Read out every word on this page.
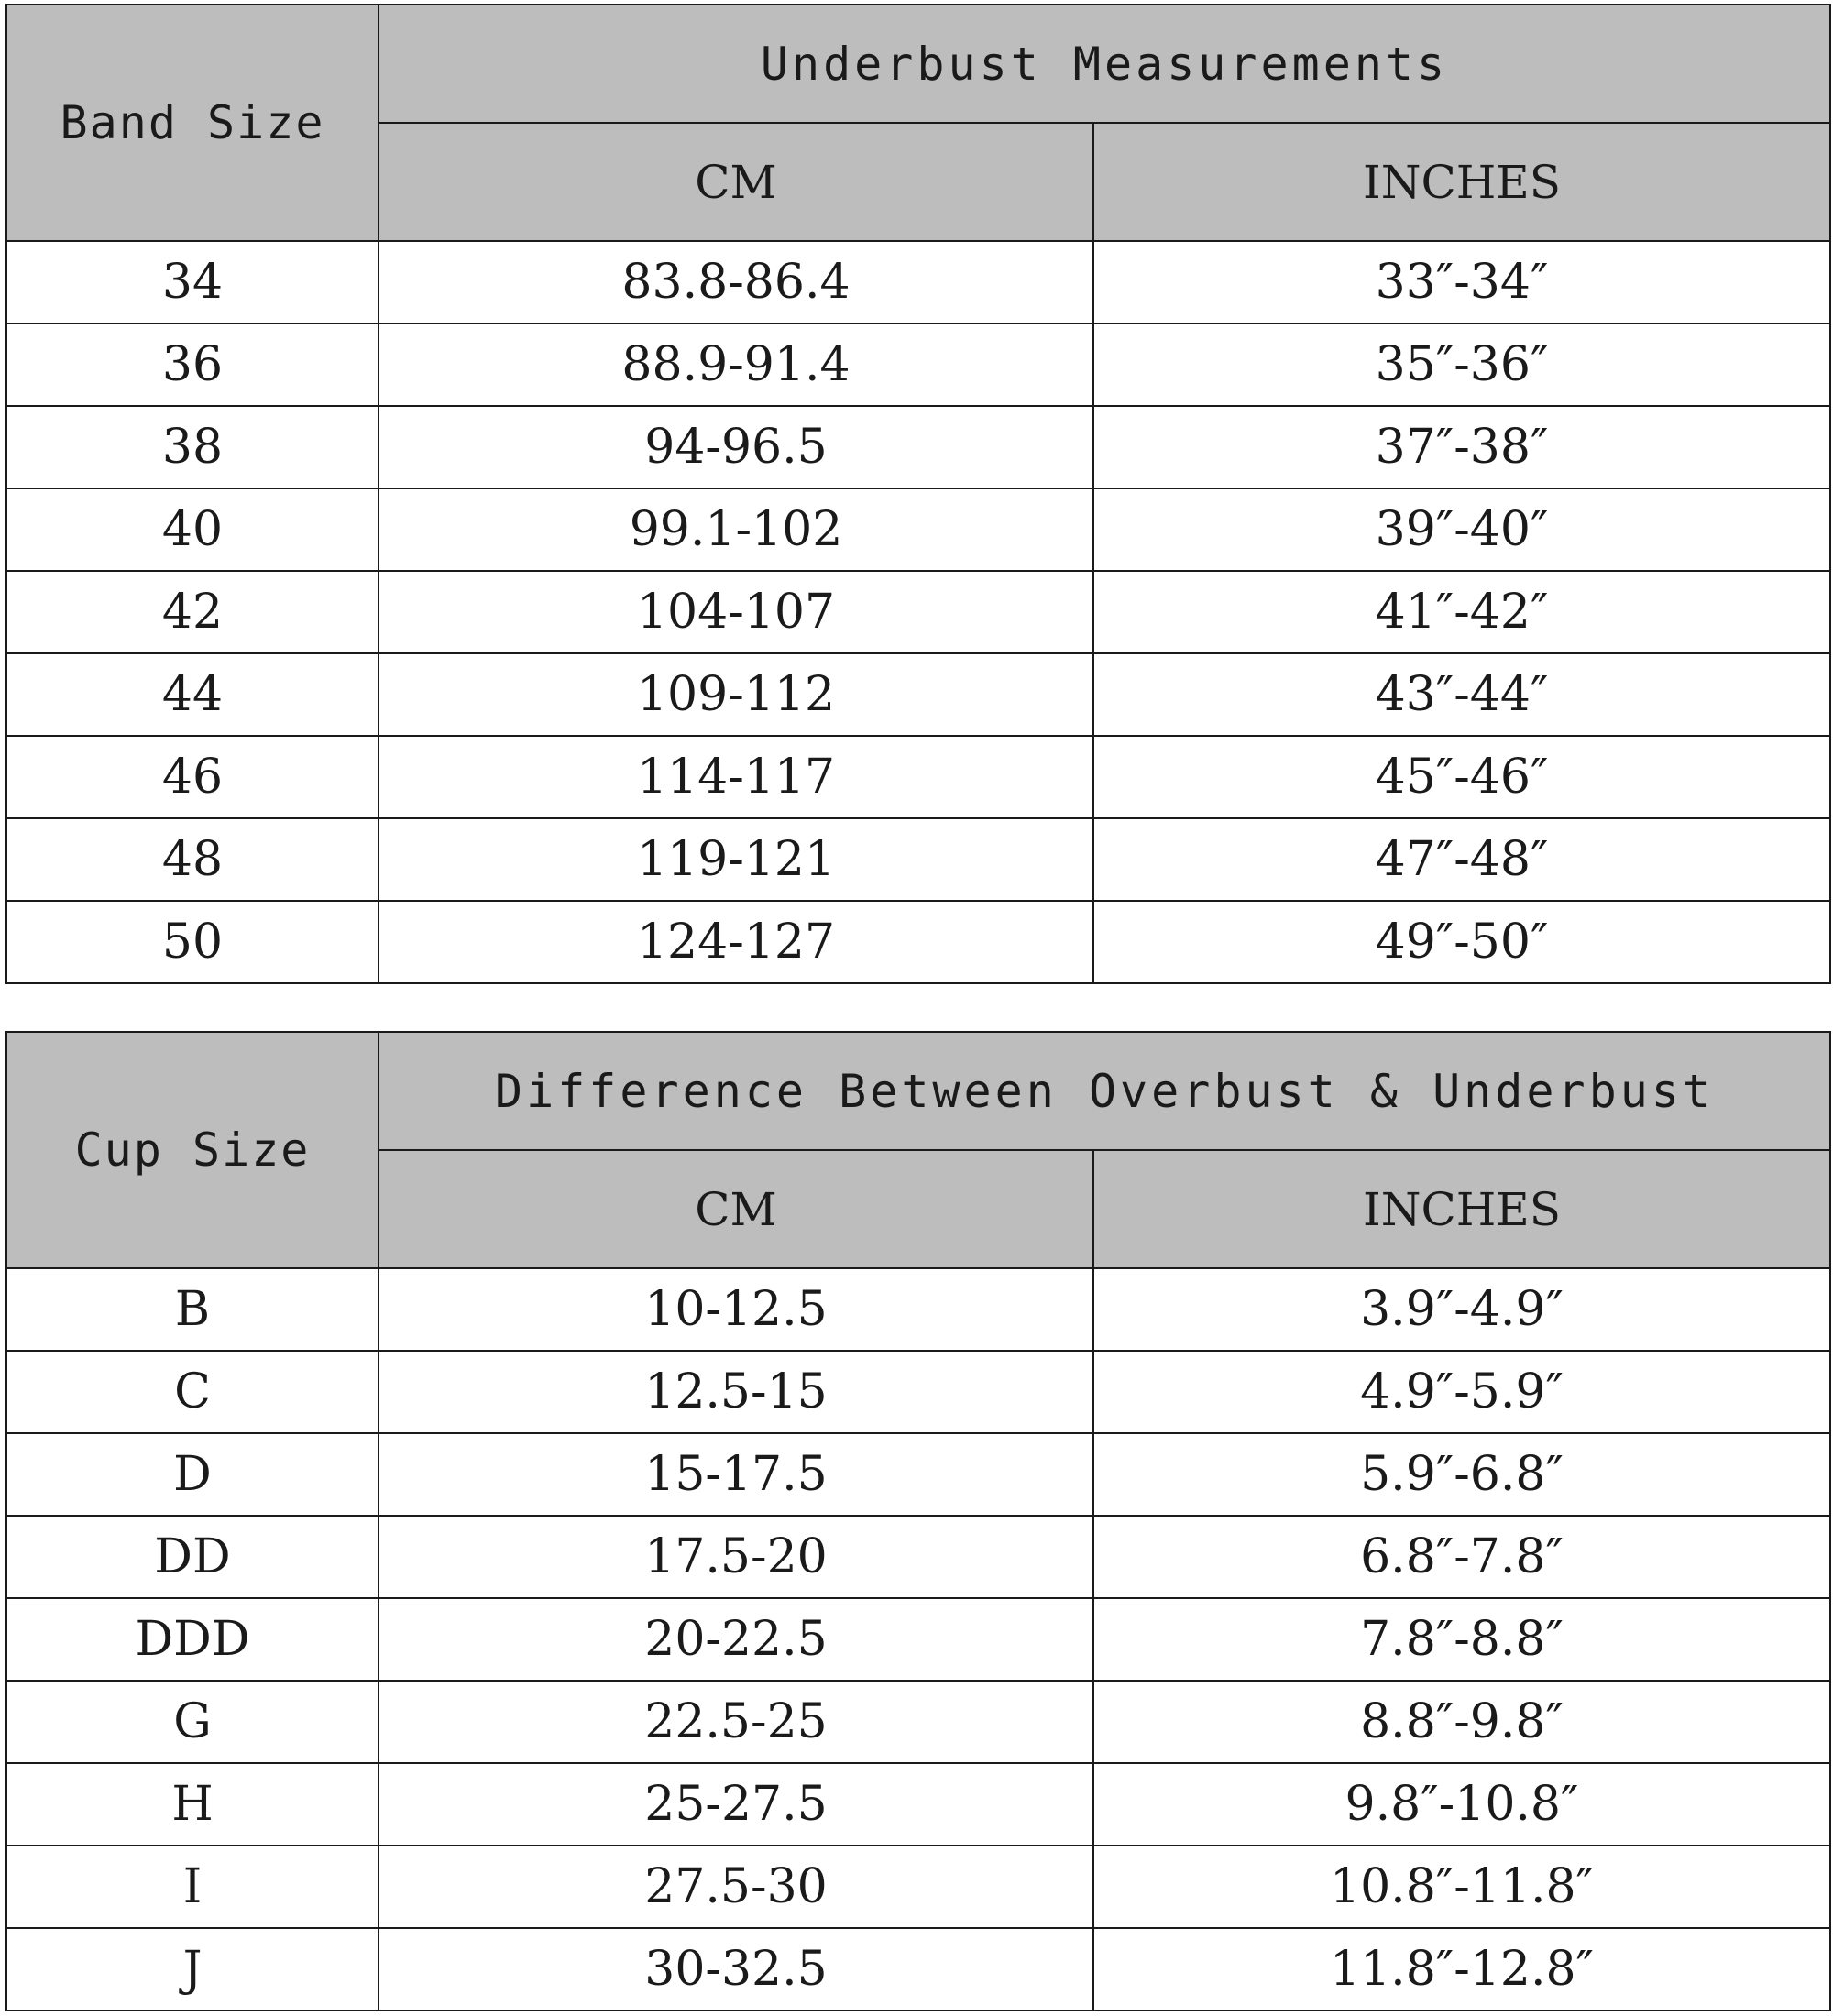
Band Size	Underbust Measurements	
	CM	INCHES
34	83.8-86.4	33″-34″
36	88.9-91.4	35″-36″
38	94-96.5	37″-38″
40	99.1-102	39″-40″
42	104-107	41″-42″
44	109-112	43″-44″
46	114-117	45″-46″
48	119-121	47″-48″
50	124-127	49″-50″
Cup Size	Difference Between Overbust & Underbust	
	CM	INCHES
B	10-12.5	3.9″-4.9″
C	12.5-15	4.9″-5.9″
D	15-17.5	5.9″-6.8″
DD	17.5-20	6.8″-7.8″
DDD	20-22.5	7.8″-8.8″
G	22.5-25	8.8″-9.8″
H	25-27.5	9.8″-10.8″
I	27.5-30	10.8″-11.8″
J	30-32.5	11.8″-12.8″
